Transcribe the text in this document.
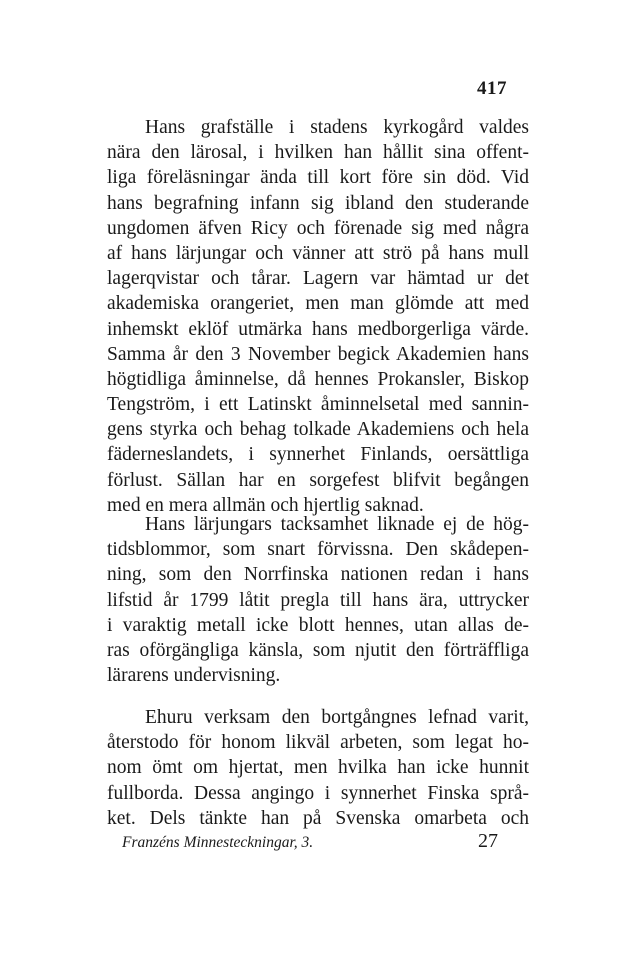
417
Hans grafställe i stadens kyrkogård valdes
nära den lärosal, i hvilken han hållit sina offent-
liga föreläsningar ända till kort före sin död. Vid
hans begrafning infann sig ibland den studerande
ungdomen äfven Ricy och förenade sig med några
af hans lärjungar och vänner att strö på hans mull
lagerqvistar och tårar. Lagern var hämtad ur det
akademiska orangeriet, men man glömde att med
inhemskt eklöf utmärka hans medborgerliga värde.
Samma år den 3 November begick Akademien hans
högtidliga åminnelse, då hennes Prokansler, Biskop
Tengström, i ett Latinskt åminnelsetal med sannin-
gens styrka och behag tolkade Akademiens och hela
fäderneslandets, i synnerhet Finlands, oersättliga
förlust. Sällan har en sorgefest blifvit begången
med en mera allmän och hjertlig saknad.
Hans lärjungars tacksamhet liknade ej de hög-
tidsblommor, som snart förvissna. Den skådepen-
ning, som den Norrfinska nationen redan i hans
lifstid år 1799 låtit pregla till hans ära, uttrycker
i varaktig metall icke blott hennes, utan allas de-
ras oförgängliga känsla, som njutit den förträffliga
lärarens undervisning.
Ehuru verksam den bortgångnes lefnad varit,
återstodo för honom likväl arbeten, som legat ho-
nom ömt om hjertat, men hvilka han icke hunnit
fullborda. Dessa angingo i synnerhet Finska språ-
ket. Dels tänkte han på Svenska omarbeta och
Franzéns Minnesteckningar, 3.	27
